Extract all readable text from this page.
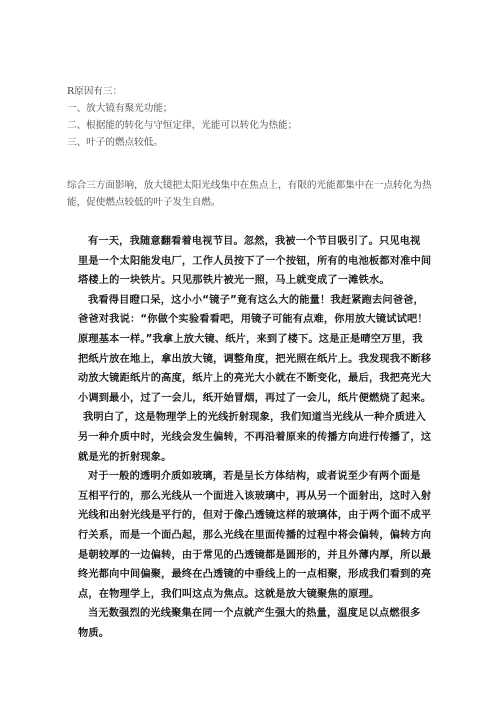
R原因有三：
一、放大镜有聚光功能；
二、根据能的转化与守恒定律，光能可以转化为热能；
三、叶子的燃点较低。
综合三方面影响，放大镜把太阳光线集中在焦点上，有限的光能都集中在一点转化为热能，促使燃点较低的叶子发生自燃。
有一天，我随意翻看着电视节目。忽然，我被一个节目吸引了。只见电视
里是一个太阳能发电厂，工作人员按下了一个按钮，所有的电池板都对准中间
塔楼上的一块铁片。只见那铁片被光一照，马上就变成了一滩铁水。
我看得目瞪口呆，这小小“镜子”竟有这么大的能量！我赶紧跑去问爸爸，
爸爸对我说：“你做个实验看看吧，用镜子可能有点难，你用放大镜试试吧！
原理基本一样。”我拿上放大镜、纸片，来到了楼下。这是正是晴空万里，我
把纸片放在地上，拿出放大镜，调整角度，把光照在纸片上。我发现我不断移
动放大镜距纸片的高度，纸片上的亮光大小就在不断变化，最后，我把亮光大
小调到最小，过了一会儿，纸开始冒烟，再过了一会儿，纸片便燃烧了起来。
我明白了，这是物理学上的光线折射现象，我们知道当光线从一种介质进入
另一种介质中时，光线会发生偏转，不再沿着原来的传播方向进行传播了，这
就是光的折射现象。
对于一般的透明介质如玻璃，若是呈长方体结构，或者说至少有两个面是
互相平行的，那么光线从一个面进入该玻璃中，再从另一个面射出，这时入射
光线和出射光线是平行的，但对于像凸透镜这样的玻璃体，由于两个面不成平
行关系，而是一个面凸起，那么光线在里面传播的过程中将会偏转，偏转方向
是朝较厚的一边偏转，由于常见的凸透镜都是圆形的，并且外薄内厚，所以最
终光都向中间偏聚，最终在凸透镜的中垂线上的一点相聚，形成我们看到的亮
点，在物理学上，我们叫这点为焦点。这就是放大镜聚焦的原理。
当无数强烈的光线聚集在同一个点就产生强大的热量，温度足以点燃很多
物质。
